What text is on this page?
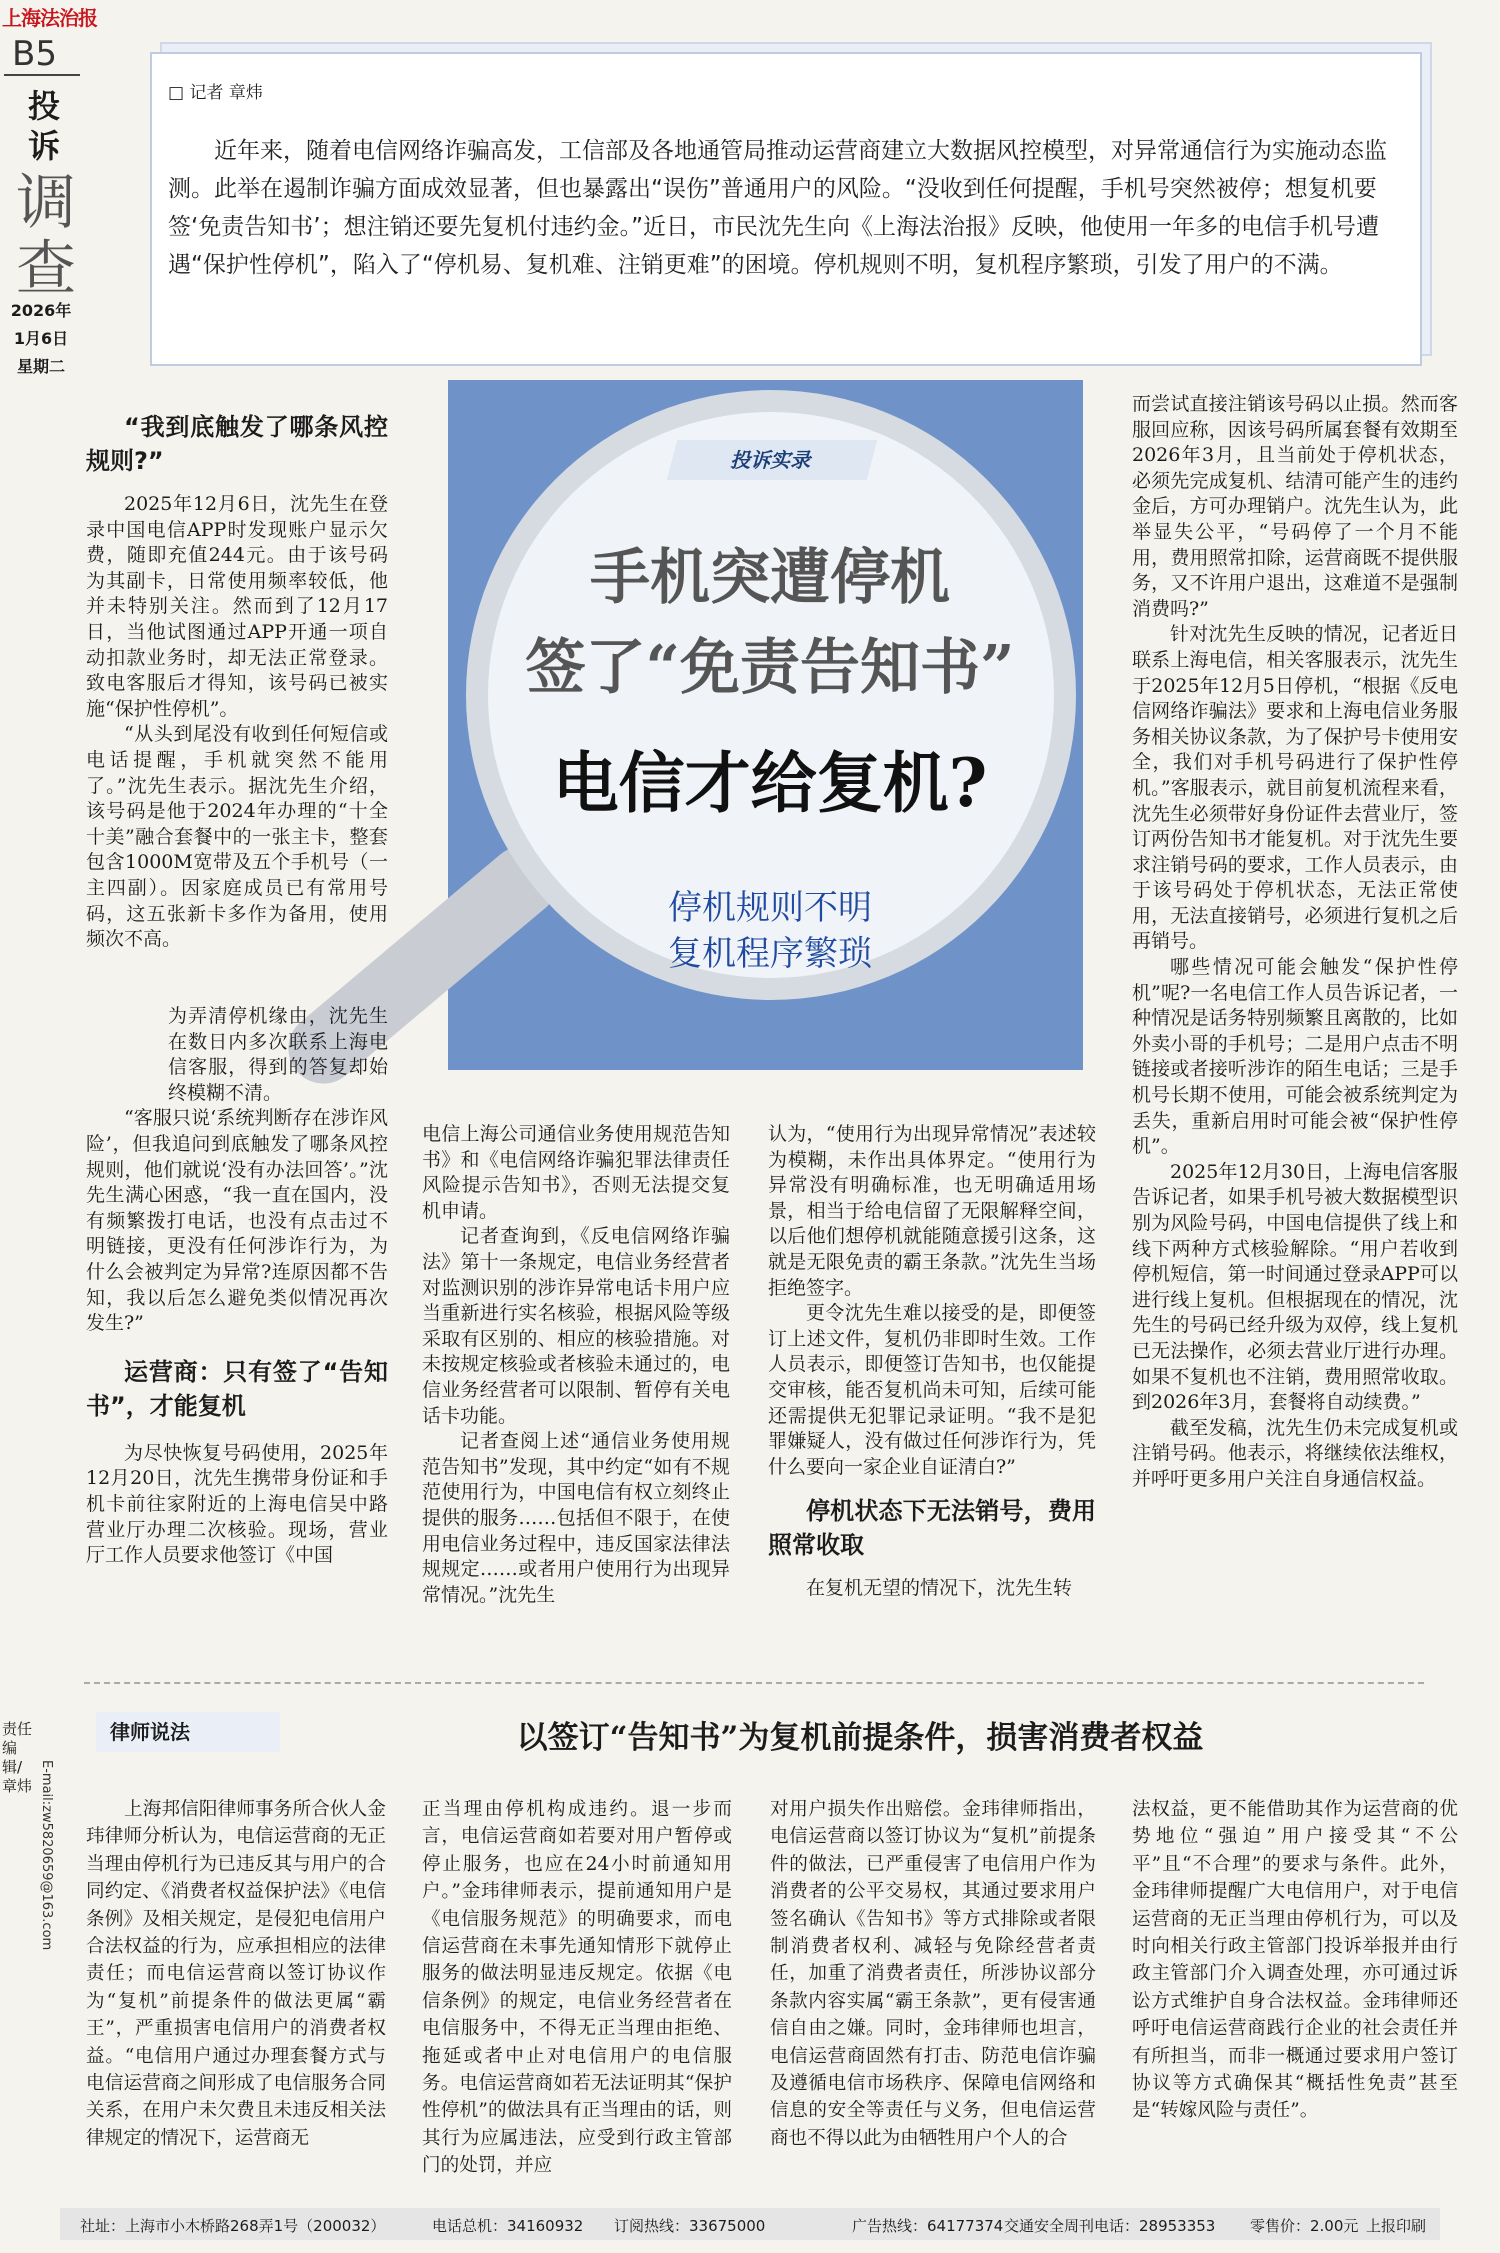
上海法治报
B5
投诉
调查
2026年
1月6日
星期二
责任编辑/章炜 E-mail:zw5820659@163.com
□ 记者 章炜

近年来，随着电信网络诈骗高发，工信部及各地通管局推动运营商建立大数据风控模型，对异常通信行为实施动态监测。此举在遏制诈骗方面成效显著，但也暴露出“误伤”普通用户的风险。“没收到任何提醒，手机号突然被停；想复机要签‘免责告知书’；想注销还要先复机付违约金。”近日，市民沈先生向《上海法治报》反映，他使用一年多的电信手机号遭遇“保护性停机”，陷入了“停机易、复机难、注销更难”的困境。停机规则不明，复机程序繁琐，引发了用户的不满。

投诉实录
手机突遭停机
签了“免责告知书”
电信才给复机?
停机规则不明
复机程序繁琐
“我到底触发了哪条风控规则?”

2025年12月6日，沈先生在登录中国电信APP时发现账户显示欠费，随即充值244元。由于该号码为其副卡，日常使用频率较低，他并未特别关注。然而到了12月17日，当他试图通过APP开通一项自动扣款业务时，却无法正常登录。致电客服后才得知，该号码已被实施“保护性停机”。

“从头到尾没有收到任何短信或电话提醒，手机就突然不能用了。”沈先生表示。据沈先生介绍，该号码是他于2024年办理的“十全十美”融合套餐中的一张主卡，整套包含1000M宽带及五个手机号（一主四副）。因家庭成员已有常用号码，这五张新卡多作为备用，使用频次不高。

为弄清停机缘由，沈先生在数日内多次联系上海电信客服，得到的答复却始终模糊不清。

“客服只说‘系统判断存在涉诈风险’，但我追问到底触发了哪条风控规则，他们就说‘没有办法回答’。”沈先生满心困惑，“我一直在国内，没有频繁拨打电话，也没有点击过不明链接，更没有任何涉诈行为，为什么会被判定为异常?连原因都不告知，我以后怎么避免类似情况再次发生?”

运营商：只有签了“告知书”，才能复机

为尽快恢复号码使用，2025年12月20日，沈先生携带身份证和手机卡前往家附近的上海电信吴中路营业厅办理二次核验。现场，营业厅工作人员要求他签订《中国

电信上海公司通信业务使用规范告知书》和《电信网络诈骗犯罪法律责任风险提示告知书》，否则无法提交复机申请。

记者查询到，《反电信网络诈骗法》第十一条规定，电信业务经营者对监测识别的涉诈异常电话卡用户应当重新进行实名核验，根据风险等级采取有区别的、相应的核验措施。对未按规定核验或者核验未通过的，电信业务经营者可以限制、暂停有关电话卡功能。

记者查阅上述“通信业务使用规范告知书”发现，其中约定“如有不规范使用行为，中国电信有权立刻终止提供的服务……包括但不限于，在使用电信业务过程中，违反国家法律法规规定……或者用户使用行为出现异常情况。”沈先生

认为，“使用行为出现异常情况”表述较为模糊，未作出具体界定。“使用行为异常没有明确标准，也无明确适用场景，相当于给电信留了无限解释空间，以后他们想停机就能随意援引这条，这就是无限免责的霸王条款。”沈先生当场拒绝签字。

更令沈先生难以接受的是，即便签订上述文件，复机仍非即时生效。工作人员表示，即便签订告知书，也仅能提交审核，能否复机尚未可知，后续可能还需提供无犯罪记录证明。“我不是犯罪嫌疑人，没有做过任何涉诈行为，凭什么要向一家企业自证清白?”

停机状态下无法销号，费用照常收取

在复机无望的情况下，沈先生转

而尝试直接注销该号码以止损。然而客服回应称，因该号码所属套餐有效期至2026年3月，且当前处于停机状态，必须先完成复机、结清可能产生的违约金后，方可办理销户。沈先生认为，此举显失公平，“号码停了一个月不能用，费用照常扣除，运营商既不提供服务，又不许用户退出，这难道不是强制消费吗?”

针对沈先生反映的情况，记者近日联系上海电信，相关客服表示，沈先生于2025年12月5日停机，“根据《反电信网络诈骗法》要求和上海电信业务服务相关协议条款，为了保护号卡使用安全，我们对手机号码进行了保护性停机。”客服表示，就目前复机流程来看，沈先生必须带好身份证件去营业厅，签订两份告知书才能复机。对于沈先生要求注销号码的要求，工作人员表示，由于该号码处于停机状态，无法正常使用，无法直接销号，必须进行复机之后再销号。

哪些情况可能会触发“保护性停机”呢?一名电信工作人员告诉记者，一种情况是话务特别频繁且离散的，比如外卖小哥的手机号；二是用户点击不明链接或者接听涉诈的陌生电话；三是手机号长期不使用，可能会被系统判定为丢失，重新启用时可能会被“保护性停机”。

2025年12月30日，上海电信客服告诉记者，如果手机号被大数据模型识别为风险号码，中国电信提供了线上和线下两种方式核验解除。“用户若收到停机短信，第一时间通过登录APP可以进行线上复机。但根据现在的情况，沈先生的号码已经升级为双停，线上复机已无法操作，必须去营业厅进行办理。如果不复机也不注销，费用照常收取。到2026年3月，套餐将自动续费。”

截至发稿，沈先生仍未完成复机或注销号码。他表示，将继续依法维权，并呼吁更多用户关注自身通信权益。

律师说法	以签订“告知书”为复机前提条件，损害消费者权益

上海邦信阳律师事务所合伙人金玮律师分析认为，电信运营商的无正当理由停机行为已违反其与用户的合同约定、《消费者权益保护法》《电信条例》及相关规定，是侵犯电信用户合法权益的行为，应承担相应的法律责任；而电信运营商以签订协议作为“复机”前提条件的做法更属“霸王”，严重损害电信用户的消费者权益。“电信用户通过办理套餐方式与电信运营商之间形成了电信服务合同关系，在用户未欠费且未违反相关法律规定的情况下，运营商无

正当理由停机构成违约。退一步而言，电信运营商如若要对用户暂停或停止服务，也应在24小时前通知用户。”金玮律师表示，提前通知用户是《电信服务规范》的明确要求，而电信运营商在未事先通知情形下就停止服务的做法明显违反规定。依据《电信条例》的规定，电信业务经营者在电信服务中，不得无正当理由拒绝、拖延或者中止对电信用户的电信服务。电信运营商如若无法证明其“保护性停机”的做法具有正当理由的话，则其行为应属违法，应受到行政主管部门的处罚，并应

对用户损失作出赔偿。金玮律师指出，电信运营商以签订协议为“复机”前提条件的做法，已严重侵害了电信用户作为消费者的公平交易权，其通过要求用户签名确认《告知书》等方式排除或者限制消费者权利、减轻与免除经营者责任，加重了消费者责任，所涉协议部分条款内容实属“霸王条款”，更有侵害通信自由之嫌。同时，金玮律师也坦言，电信运营商固然有打击、防范电信诈骗及遵循电信市场秩序、保障电信网络和信息的安全等责任与义务，但电信运营商也不得以此为由牺牲用户个人的合

法权益，更不能借助其作为运营商的优势地位“强迫”用户接受其“不公平”且“不合理”的要求与条件。此外，金玮律师提醒广大电信用户，对于电信运营商的无正当理由停机行为，可以及时向相关行政主管部门投诉举报并由行政主管部门介入调查处理，亦可通过诉讼方式维护自身合法权益。金玮律师还呼吁电信运营商践行企业的社会责任并有所担当，而非一概通过要求用户签订协议等方式确保其“概括性免责”甚至是“转嫁风险与责任”。

社址：上海市小木桥路268弄1号（200032）	电话总机：34160932 订阅热线：33675000	广告热线：64177374 交通安全周刊电话：28953353 零售价：2.00元 上报印刷
